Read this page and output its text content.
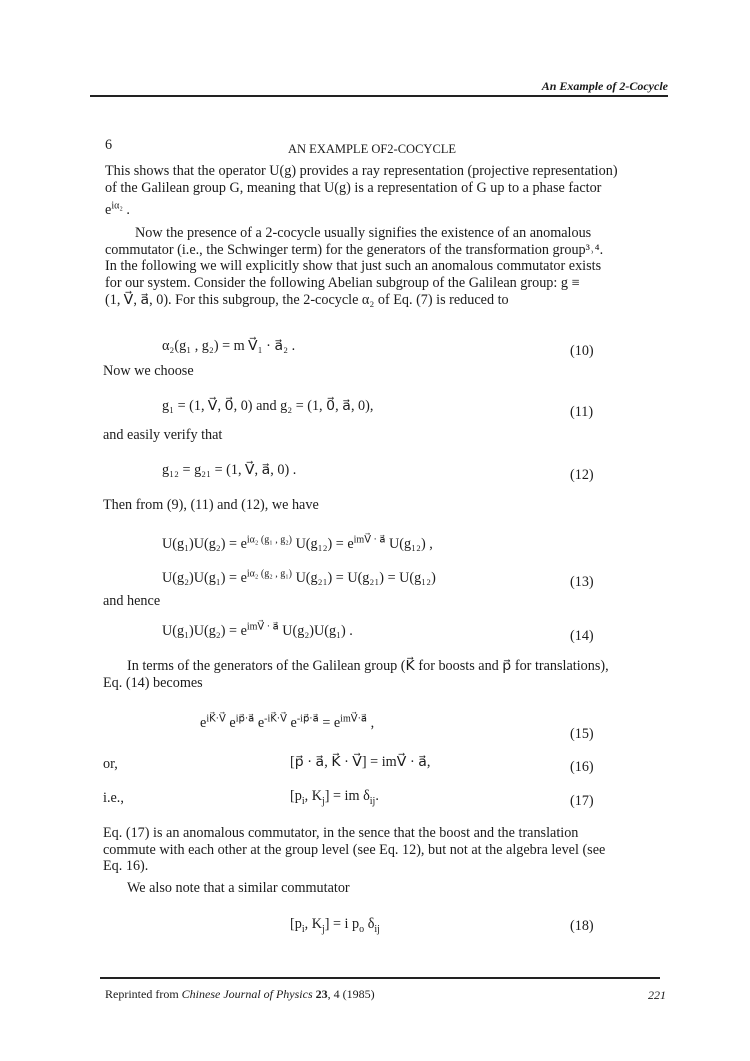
An Example of 2-Cocycle
6	AN EXAMPLE OF2-COCYCLE
This shows that the operator U(g) provides a ray representation (projective representation)
of the Galilean group G, meaning that U(g) is a representation of G up to a phase factor
$e^{i\alpha_2}$ .
Now the presence of a 2-cocycle usually signifies the existence of an anomalous
commutator (i.e., the Schwinger term) for the generators of the transformation group³˒⁴.
In the following we will explicitly show that just such an anomalous commutator exists
for our system. Consider the following Abelian subgroup of the Galilean group: g ≡
(1, V⃗, a⃗, 0). For this subgroup, the 2-cocycle α₂ of Eq. (7) is reduced to
α₂(g₁ , g₂) = m V⃗₁ · a⃗₂ .	(10)
Now we choose
g₁ = (1, V⃗, 0⃗, 0) and g₂ = (1, 0⃗, a⃗, 0),	(11)
and easily verify that
g₁₂ = g₂₁ = (1, V⃗, a⃗, 0) .	(12)
Then from (9), (11) and (12), we have
$U(g_1)U(g_2) = e^{i\alpha_2 (g_1 , g_2)}$ $U(g_{12}) = e^{imV⃗ \cdot a⃗}$ U(g₁₂) ,
$U(g_2)U(g_1) = e^{i\alpha_2 (g_2 , g_1)}$ U(g₂₁) = U(g₂₁) = U(g₁₂)	(13)
and hence
$U(g_1)U(g_2) = e^{imV⃗ \cdot a⃗}$ U(g₂)U(g₁) .	(14)
In terms of the generators of the Galilean group (K⃗ for boosts and p⃗ for translations),
Eq. (14) becomes
$e^{iK⃗\cdot V⃗}$ $e^{ip⃗\cdot a⃗}$ $e^{-iK⃗\cdot V⃗}$ $e^{-ip⃗\cdot a⃗} = e^{imV⃗\cdot a⃗}$ ,
(15)
or,	[p⃗ · a⃗, K⃗ · V⃗] = imV⃗ · a⃗,	(16)
i.e.,	[$p_i$, $K_j$] = im $\delta_{ij}$.	(17)
Eq. (17) is an anomalous commutator, in the sence that the boost and the translation
commute with each other at the group level (see Eq. 12), but not at the algebra level (see
Eq. 16).
We also note that a similar commutator
[$p_i$, $K_j] = i$ $p_o$ $\delta_{ij}$	(18)
Reprinted from Chinese Journal of Physics 23, 4 (1985)	221
